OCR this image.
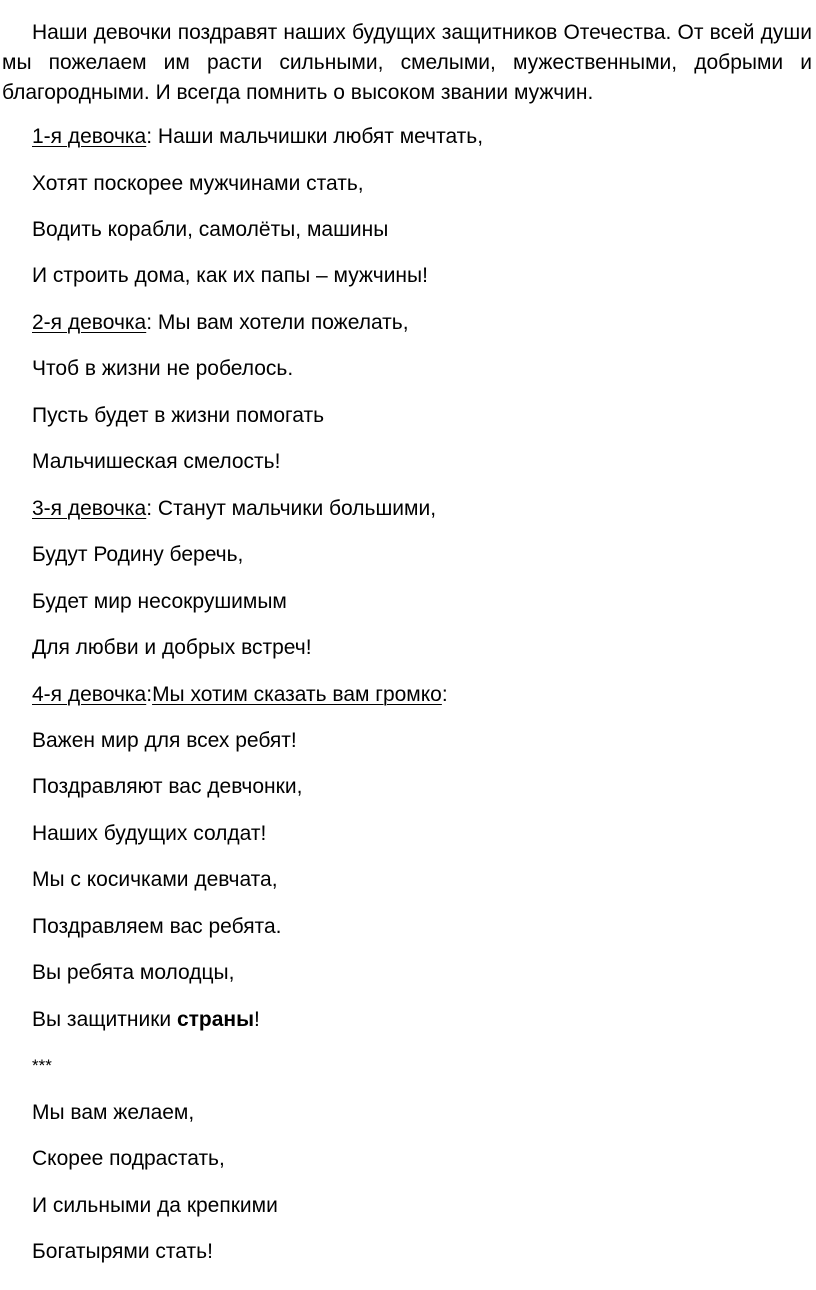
Наши девочки поздравят наших будущих защитников Отечества. От всей души мы пожелаем им расти сильными, смелыми, мужественными, добрыми и благородными. И всегда помнить о высоком звании мужчин.
1-я девочка: Наши мальчишки любят мечтать,
Хотят поскорее мужчинами стать,
Водить корабли, самолёты, машины
И строить дома, как их папы – мужчины!
2-я девочка: Мы вам хотели пожелать,
Чтоб в жизни не робелось.
Пусть будет в жизни помогать
Мальчишеская смелость!
3-я девочка: Станут мальчики большими,
Будут Родину беречь,
Будет мир несокрушимым
Для любви и добрых встреч!
4-я девочка:Мы хотим сказать вам громко:
Важен мир для всех ребят!
Поздравляют вас девчонки,
Наших будущих солдат!
Мы с косичками девчата,
Поздравляем вас ребята.
Вы ребята молодцы,
Вы защитники страны!
***
Мы вам желаем,
Скорее подрастать,
И сильными да крепкими
Богатырями стать!
